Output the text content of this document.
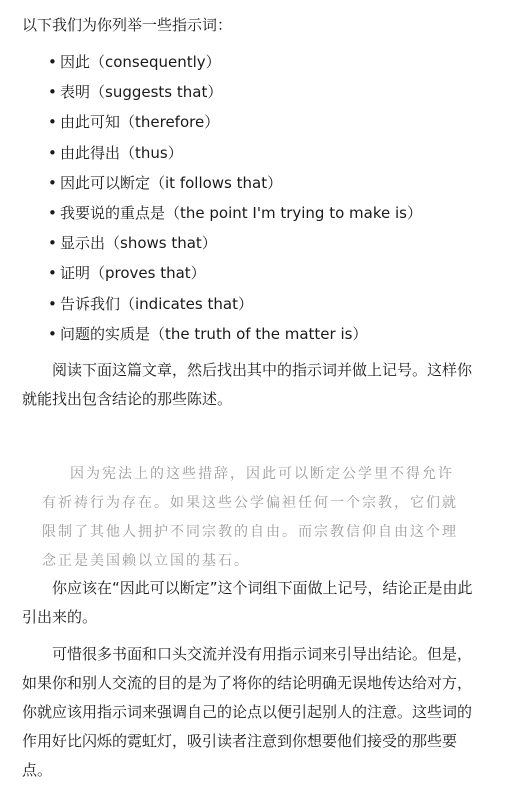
以下我们为你列举一些指示词：

• 因此（consequently）
• 表明（suggests that）
• 由此可知（therefore）
• 由此得出（thus）
• 因此可以断定（it follows that）
• 我要说的重点是（the point I'm trying to make is）
• 显示出（shows that）
• 证明（proves that）
• 告诉我们（indicates that）
• 问题的实质是（the truth of the matter is）

阅读下面这篇文章，然后找出其中的指示词并做上记号。这样你就能找出包含结论的那些陈述。

因为宪法上的这些措辞，因此可以断定公学里不得允许有祈祷行为存在。如果这些公学偏袒任何一个宗教，它们就限制了其他人拥护不同宗教的自由。而宗教信仰自由这个理念正是美国赖以立国的基石。

你应该在“因此可以断定”这个词组下面做上记号，结论正是由此引出来的。

可惜很多书面和口头交流并没有用指示词来引导出结论。但是，如果你和别人交流的目的是为了将你的结论明确无误地传达给对方，你就应该用指示词来强调自己的论点以便引起别人的注意。这些词的作用好比闪烁的霓虹灯，吸引读者注意到你想要他们接受的那些要点。
